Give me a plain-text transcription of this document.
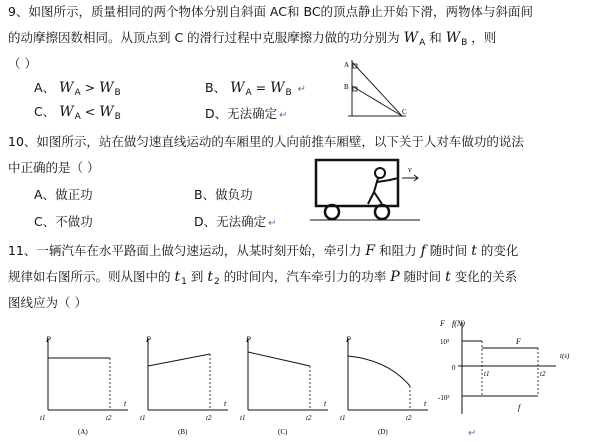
9、如图所示，质量相同的两个物体分别自斜面 AC和 BC的顶点静止开始下滑，两物体与斜面间
的动摩擦因数相同。从顶点到 C 的滑行过程中克服摩擦力做的功分别为 $W_A$ 和 $W_B$ ，则
（ ）
A、 $W_A > W_B$	B、 $W_A = W_B$ ↵
C、 $W_A < W_B$	D、无法确定 ↵
A
B
C
10、如图所示，站在做匀速直线运动的车厢里的人向前推车厢壁，以下关于人对车做功的说法
中正确的是（ ）
A、做正功	B、做负功
C、不做功	D、无法确定 ↵
v
11、一辆汽车在水平路面上做匀速运动，从某时刻开始，牵引力 F 和阻力 f 随时间 t 的变化
规律如右图所示。则从图中的 $t_1$ 到 $t_2$ 的时间内，汽车牵引力的功率 P 随时间 t 变化的关系
图线应为（ ）
P
t
t1	t2
(A)
P
t
t1	t2
(B)
P
t
t1	t2
(C)
P
t
t1	t2
(D)
f(N)
F
10³
0
-10³
t(s)
F
f
t1	t2
↵
